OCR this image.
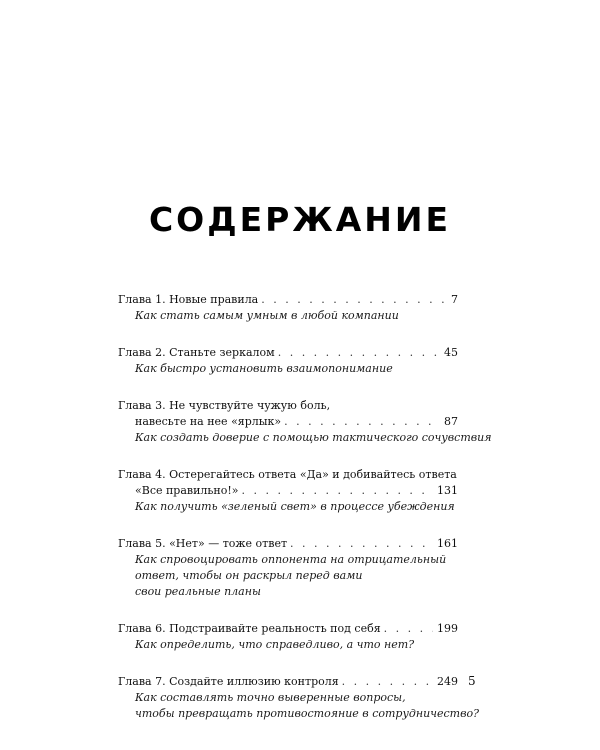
СОДЕРЖАНИЕ
Глава 1. Новые правила . . .	7
Как стать самым умным в любой компании
Глава 2. Станьте зеркалом . . .	45
Как быстро установить взаимопонимание
Глава 3. Не чувствуйте чужую боль,
навесьте на нее «ярлык» . . .	87
Как создать доверие с помощью тактического сочувствия
Глава 4. Остерегайтесь ответа «Да» и добивайтесь ответа
«Все правильно!» . . .	131
Как получить «зеленый свет» в процессе убеждения
Глава 5. «Нет» — тоже ответ . . .	161
Как спровоцировать оппонента на отрицательный
ответ, чтобы он раскрыл перед вами
свои реальные планы
Глава 6. Подстраивайте реальность под себя . . .	199
Как определить, что справедливо, а что нет?
Глава 7. Создайте иллюзию контроля . . .	249
Как составлять точно выверенные вопросы,
чтобы превращать противостояние в сотрудничество?
5
